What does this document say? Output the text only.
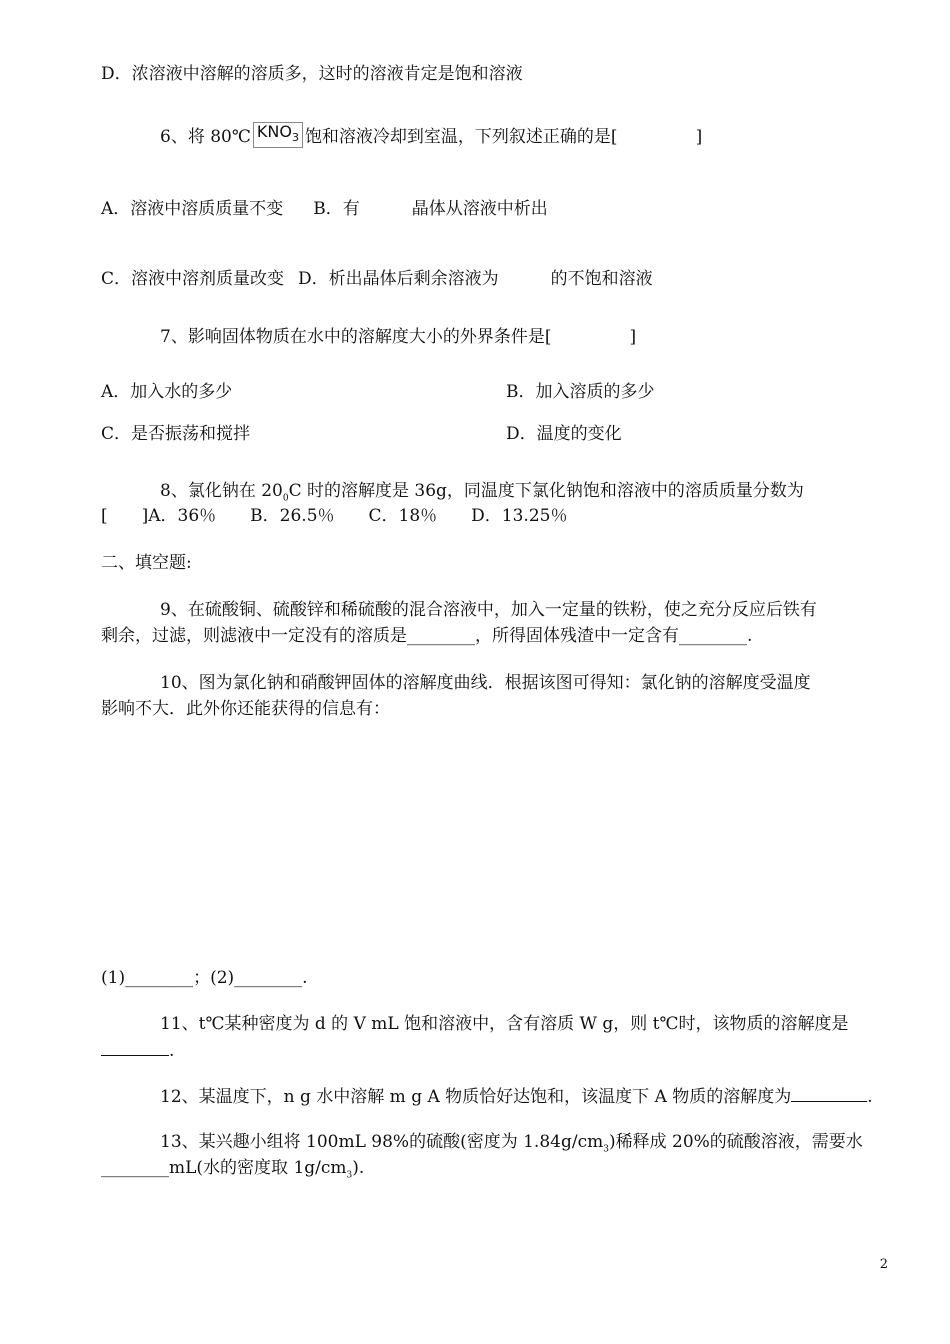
D．浓溶液中溶解的溶质多，这时的溶液肯定是饱和溶液
6、将 80℃ $KNO_3$ 饱和溶液冷却到室温，下列叙述正确的是[	]
A．溶液中溶质质量不变 B．有	晶体从溶液中析出
C．溶液中溶剂质量改变 D．析出晶体后剩余溶液为	的不饱和溶液
7、影响固体物质在水中的溶解度大小的外界条件是[	]
A．加入水的多少	B．加入溶质的多少
C．是否振荡和搅拌	D．温度的变化
8、氯化钠在 $20_0C$ 时的溶解度是 36g，同温度下氯化钠饱和溶液中的溶质质量分数为
[　　]A．36％　　B．26.5％　　C．18％　　D．13.25％
二、填空题:
9、在硫酸铜、硫酸锌和稀硫酸的混合溶液中，加入一定量的铁粉，使之充分反应后铁有
剩余，过滤，则滤液中一定没有的溶质是________，所得固体残渣中一定含有________.
10、图为氯化钠和硝酸钾固体的溶解度曲线．根据该图可得知：氯化钠的溶解度受温度
影响不大．此外你还能获得的信息有：
(1)________；(2)________.
11、t℃某种密度为 d 的 V mL 饱和溶液中，含有溶质 W g，则 t℃时，该物质的溶解度是
.
12、某温度下，n g 水中溶解 m g A 物质恰好达饱和，该温度下 A 物质的溶解度为	.
13、某兴趣小组将 100mL 98%的硫酸(密度为 $1.84g/cm_3$)稀释成 20%的硫酸溶液，需要水
________mL(水的密度取 $1g/cm_3$).
2
